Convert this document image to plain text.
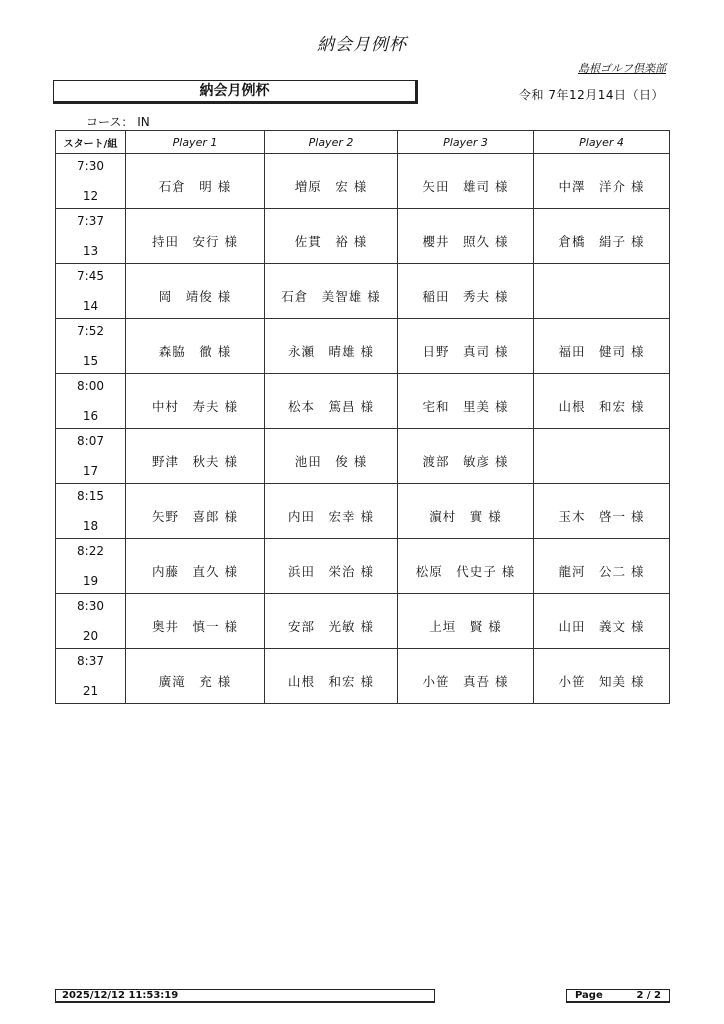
納会月例杯
島根ゴルフ倶楽部
納会月例杯	令和 7年12月14日（日）
コース： IN
スタート/組	Player 1	Player 2	Player 3	Player 4

7:30
12	石倉　明 様	増原　宏 様	矢田　雄司 様	中澤　洋介 様

7:37
13	持田　安行 様	佐貫　裕 様	櫻井　照久 様	倉橋　絹子 様

7:45
14	岡　靖俊 様	石倉　美智雄 様	稲田　秀夫 様	

7:52
15	森脇　徹 様	永瀬　晴雄 様	日野　真司 様	福田　健司 様

8:00
16	中村　寿夫 様	松本　篤昌 様	宅和　里美 様	山根　和宏 様

8:07
17	野津　秋夫 様	池田　俊 様	渡部　敏彦 様	

8:15
18	矢野　喜郎 様	内田　宏幸 様	濵村　實 様	玉木　啓一 様

8:22
19	内藤　直久 様	浜田　栄治 様	松原　代史子 様	龍河　公二 様

8:30
20	奥井　慎一 様	安部　光敏 様	上垣　賢 様	山田　義文 様

8:37
21	廣滝　充 様	山根　和宏 様	小笹　真吾 様	小笹　知美 様
2025/12/12 11:53:19	Page	2 / 2
